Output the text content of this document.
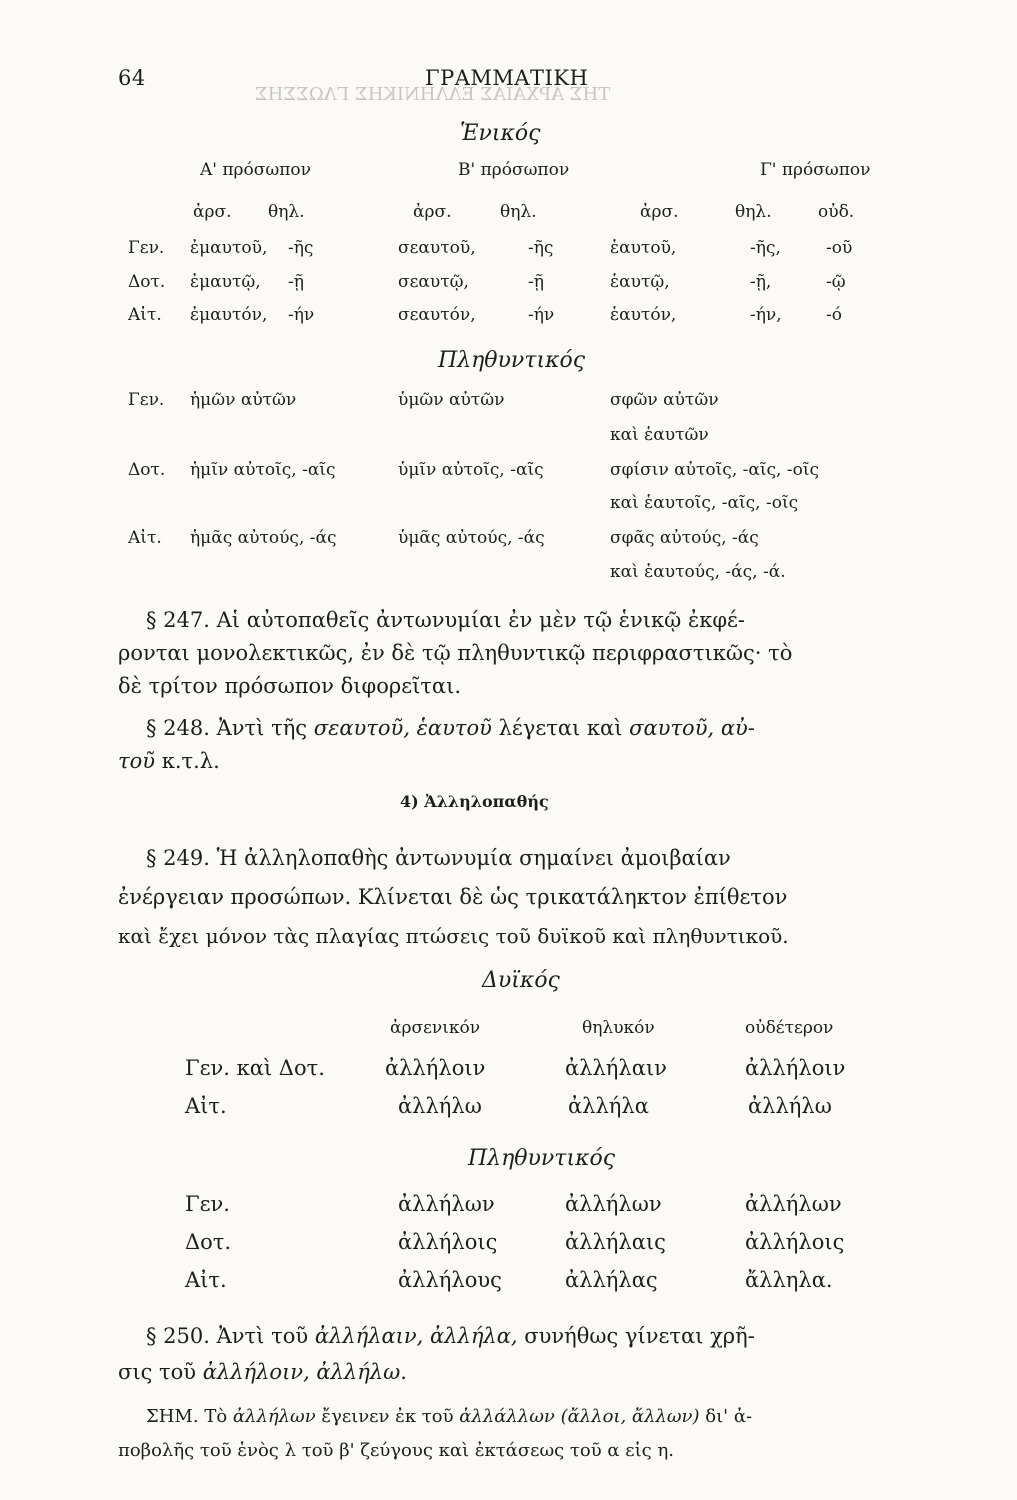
64	ΓΡΑΜΜΑΤΙΚΗ
ΤΗΣ ΑΡΧΑΙΑΣ ΕΛΛΗΝΙΚΗΣ ΓΛΩΣΣΗΣ
Ἑνικός
Α' πρόσωπον	Β' πρόσωπον	Γ' πρόσωπον
ἀρσ. θηλ.	ἀρσ.	θηλ.	ἀρσ.	θηλ.	οὐδ.
Γεν. ἐμαυτοῦ, -ῆς	σεαυτοῦ,	-ῆς	ἑαυτοῦ,	-ῆς,	-οῦ
Δοτ. ἐμαυτῷ, -ῇ	σεαυτῷ,	-ῇ	ἑαυτῷ,	-ῇ,	-ῷ
Αἰτ. ἐμαυτόν, -ήν	σεαυτόν,	-ήν	ἑαυτόν,	-ήν,	-ό
Πληθυντικός
Γεν. ἡμῶν αὐτῶν	ὑμῶν αὐτῶν	σφῶν αὐτῶν
καὶ ἑαυτῶν
Δοτ. ἡμῖν αὐτοῖς, -αῖς	ὑμῖν αὐτοῖς, -αῖς	σφίσιν αὐτοῖς, -αῖς, -οῖς
καὶ ἑαυτοῖς, -αῖς, -οῖς
Αἰτ. ἡμᾶς αὐτούς, -άς	ὑμᾶς αὐτούς, -άς	σφᾶς αὐτούς, -άς
καὶ ἑαυτούς, -άς, -ά.
§ 247. Αἱ αὐτοπαθεῖς ἀντωνυμίαι ἐν μὲν τῷ ἑνικῷ ἐκφέ-
ρονται μονολεκτικῶς, ἐν δὲ τῷ πληθυντικῷ περιφραστικῶς· τὸ
δὲ τρίτον πρόσωπον διφορεῖται.
§ 248. Ἀντὶ τῆς σεαυτοῦ, ἑαυτοῦ λέγεται καὶ σαυτοῦ, αὐ-
τοῦ κ.τ.λ.
4) Ἀλληλοπαθής
§ 249. Ἡ ἀλληλοπαθὴς ἀντωνυμία σημαίνει ἀμοιβαίαν
ἐνέργειαν προσώπων. Κλίνεται δὲ ὡς τρικατάληκτον ἐπίθετον
καὶ ἔχει μόνον τὰς πλαγίας πτώσεις τοῦ δυϊκοῦ καὶ πληθυντικοῦ.
Δυϊκός
ἀρσενικόν	θηλυκόν	οὐδέτερον
Γεν. καὶ Δοτ.	ἀλλήλοιν	ἀλλήλαιν	ἀλλήλοιν
Αἰτ.	ἀλλήλω	ἀλλήλα	ἀλλήλω
Πληθυντικός
Γεν.	ἀλλήλων	ἀλλήλων	ἀλλήλων
Δοτ.	ἀλλήλοις	ἀλλήλαις	ἀλλήλοις
Αἰτ.	ἀλλήλους	ἀλλήλας	ἄλληλα.
§ 250. Ἀντὶ τοῦ ἀλλήλαιν, ἀλλήλα, συνήθως γίνεται χρῆ-
σις τοῦ ἀλλήλοιν, ἀλλήλω.
ΣΗΜ. Τὸ ἀλλήλων ἔγεινεν ἐκ τοῦ ἀλλάλλων (ἄλλοι, ἄλλων) δι' ἀ-
ποβολῆς τοῦ ἑνὸς λ τοῦ β' ζεύγους καὶ ἐκτάσεως τοῦ α εἰς η.
